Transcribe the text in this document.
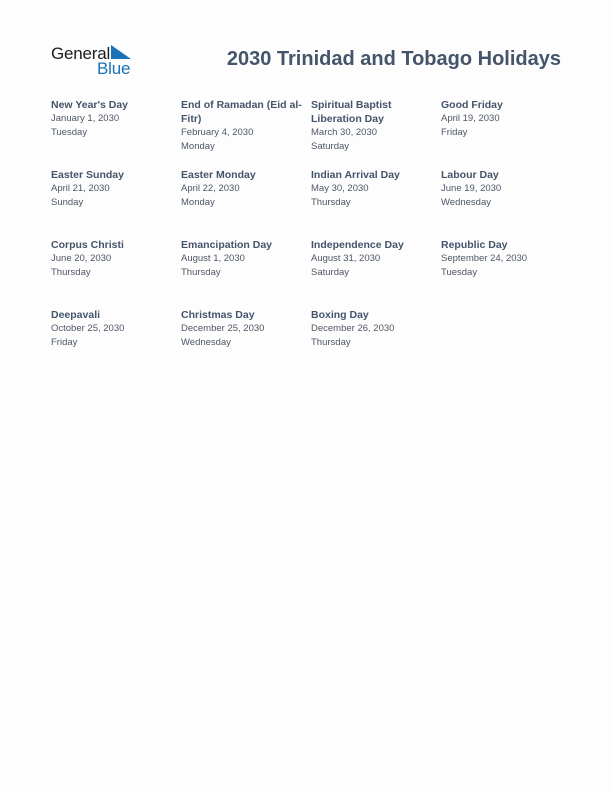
General
Blue	2030 Trinidad and Tobago Holidays
New Year's Day
January 1, 2030
Tuesday
End of Ramadan (Eid al-Fitr)
February 4, 2030
Monday
Spiritual Baptist Liberation Day
March 30, 2030
Saturday
Good Friday
April 19, 2030
Friday
Easter Sunday
April 21, 2030
Sunday
Easter Monday
April 22, 2030
Monday
Indian Arrival Day
May 30, 2030
Thursday
Labour Day
June 19, 2030
Wednesday
Corpus Christi
June 20, 2030
Thursday
Emancipation Day
August 1, 2030
Thursday
Independence Day
August 31, 2030
Saturday
Republic Day
September 24, 2030
Tuesday
Deepavali
October 25, 2030
Friday
Christmas Day
December 25, 2030
Wednesday
Boxing Day
December 26, 2030
Thursday
